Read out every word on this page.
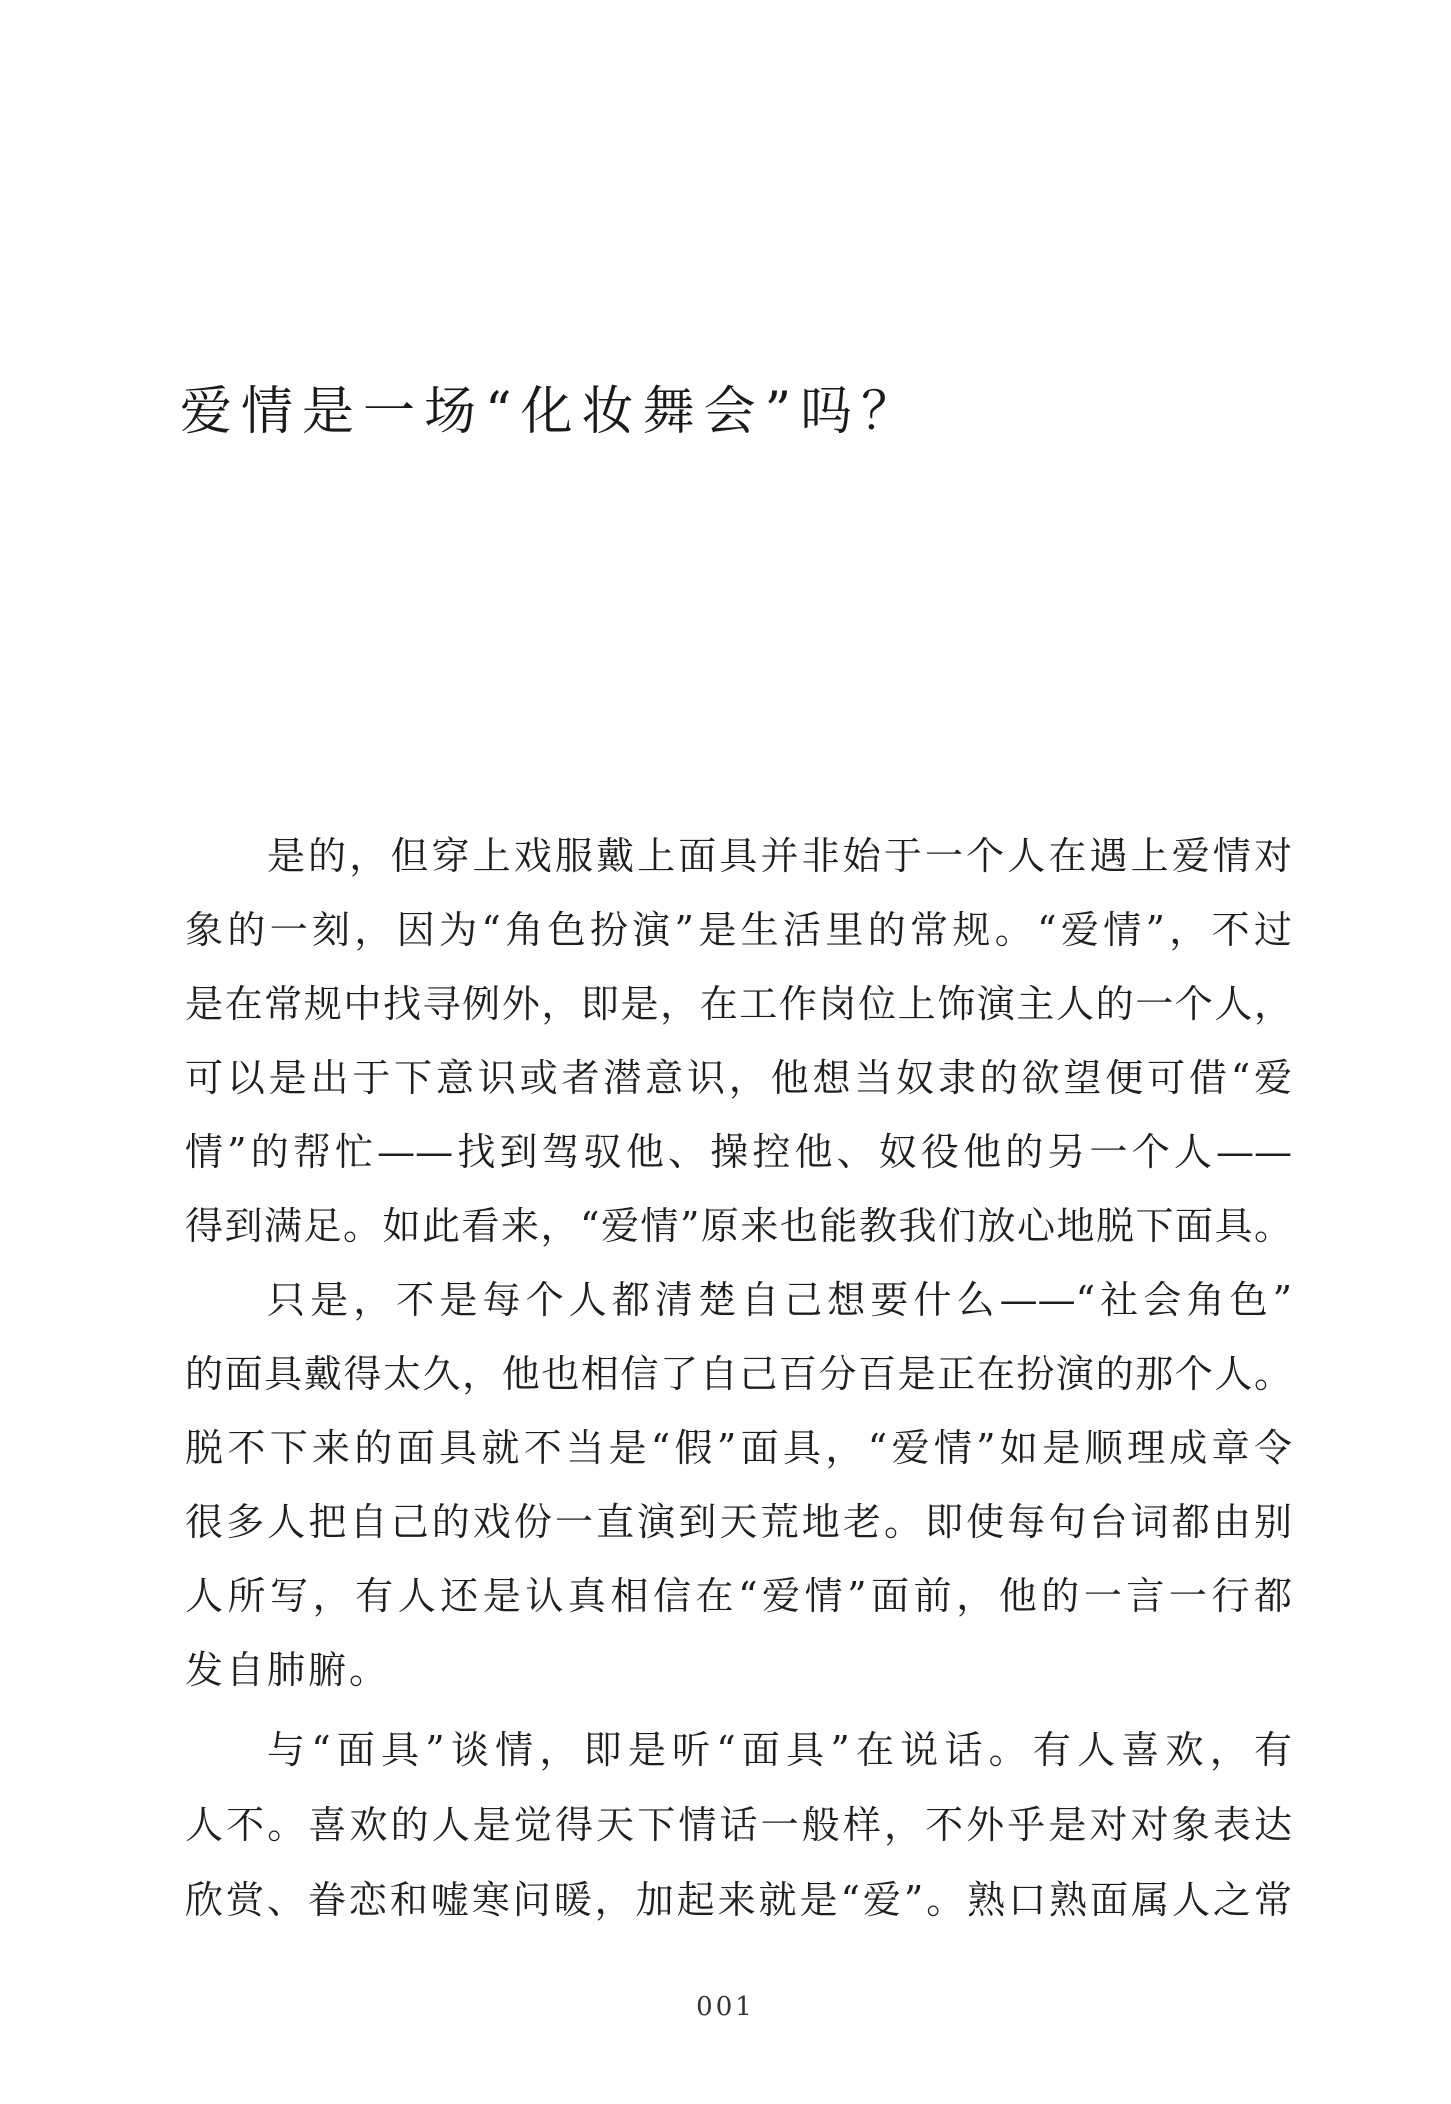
爱情是一场“化妆舞会”吗？
是的，但穿上戏服戴上面具并非始于一个人在遇上爱情对
象的一刻，因为“角色扮演”是生活里的常规。“爱情”，不过
是在常规中找寻例外，即是，在工作岗位上饰演主人的一个人，
可以是出于下意识或者潜意识，他想当奴隶的欲望便可借“爱
情”的帮忙——找到驾驭他、操控他、奴役他的另一个人——
得到满足。如此看来，“爱情”原来也能教我们放心地脱下面具。
只是，不是每个人都清楚自己想要什么——“社会角色”
的面具戴得太久，他也相信了自己百分百是正在扮演的那个人。
脱不下来的面具就不当是“假”面具，“爱情”如是顺理成章令
很多人把自己的戏份一直演到天荒地老。即使每句台词都由别
人所写，有人还是认真相信在“爱情”面前，他的一言一行都
发自肺腑。
与“面具”谈情，即是听“面具”在说话。有人喜欢，有
人不。喜欢的人是觉得天下情话一般样，不外乎是对对象表达
欣赏、眷恋和嘘寒问暖，加起来就是“爱”。熟口熟面属人之常
001
